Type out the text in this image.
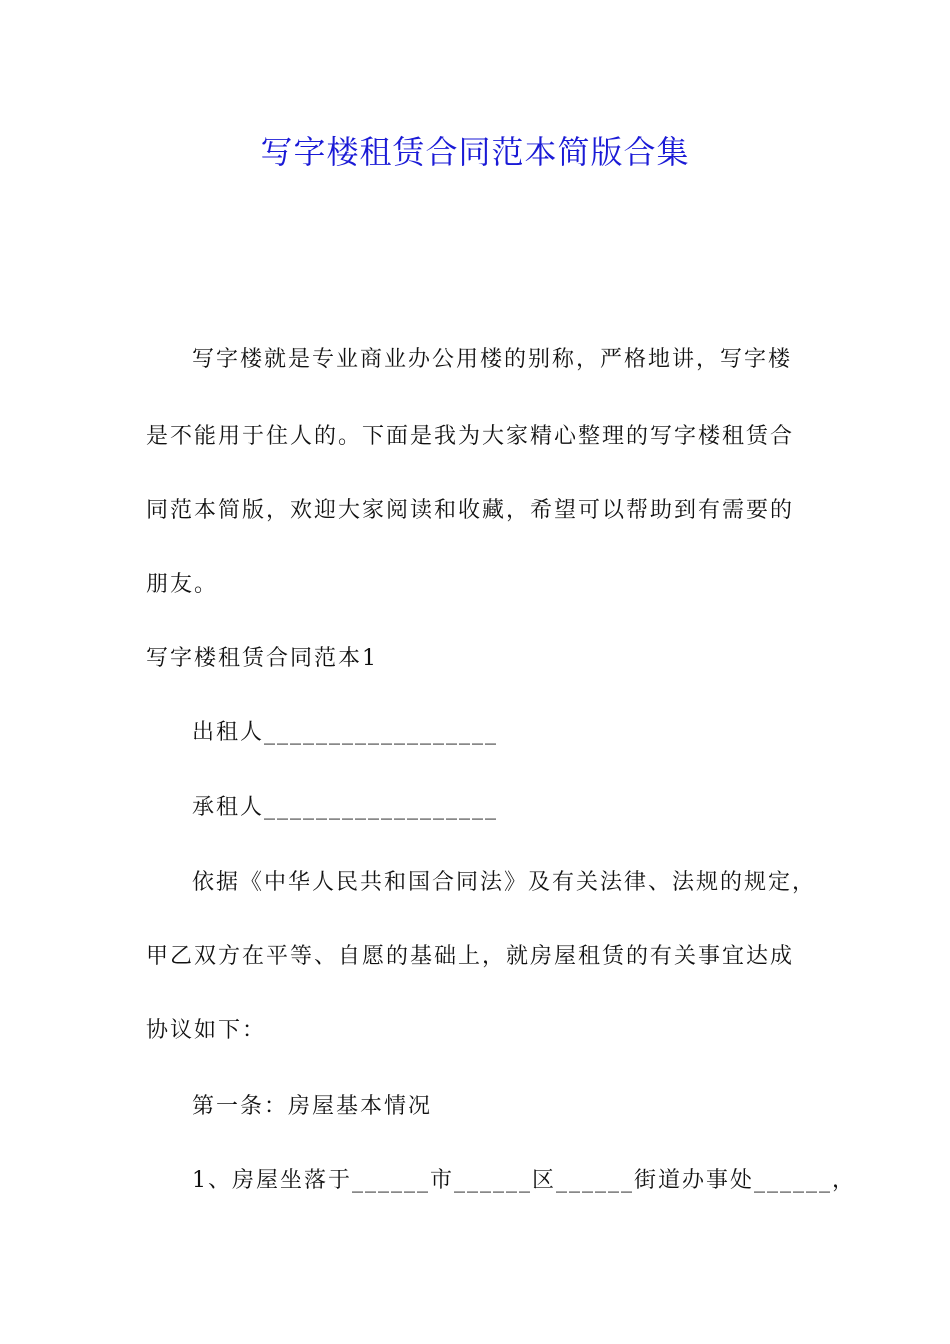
写字楼租赁合同范本简版合集
写字楼就是专业商业办公用楼的别称，严格地讲，写字楼
是不能用于住人的。下面是我为大家精心整理的写字楼租赁合
同范本简版，欢迎大家阅读和收藏，希望可以帮助到有需要的
朋友。
写字楼租赁合同范本1
出租人__________________
承租人__________________
依据《中华人民共和国合同法》及有关法律、法规的规定，
甲乙双方在平等、自愿的基础上，就房屋租赁的有关事宜达成
协议如下：
第一条：房屋基本情况
1、房屋坐落于______市______区______街道办事处______，
